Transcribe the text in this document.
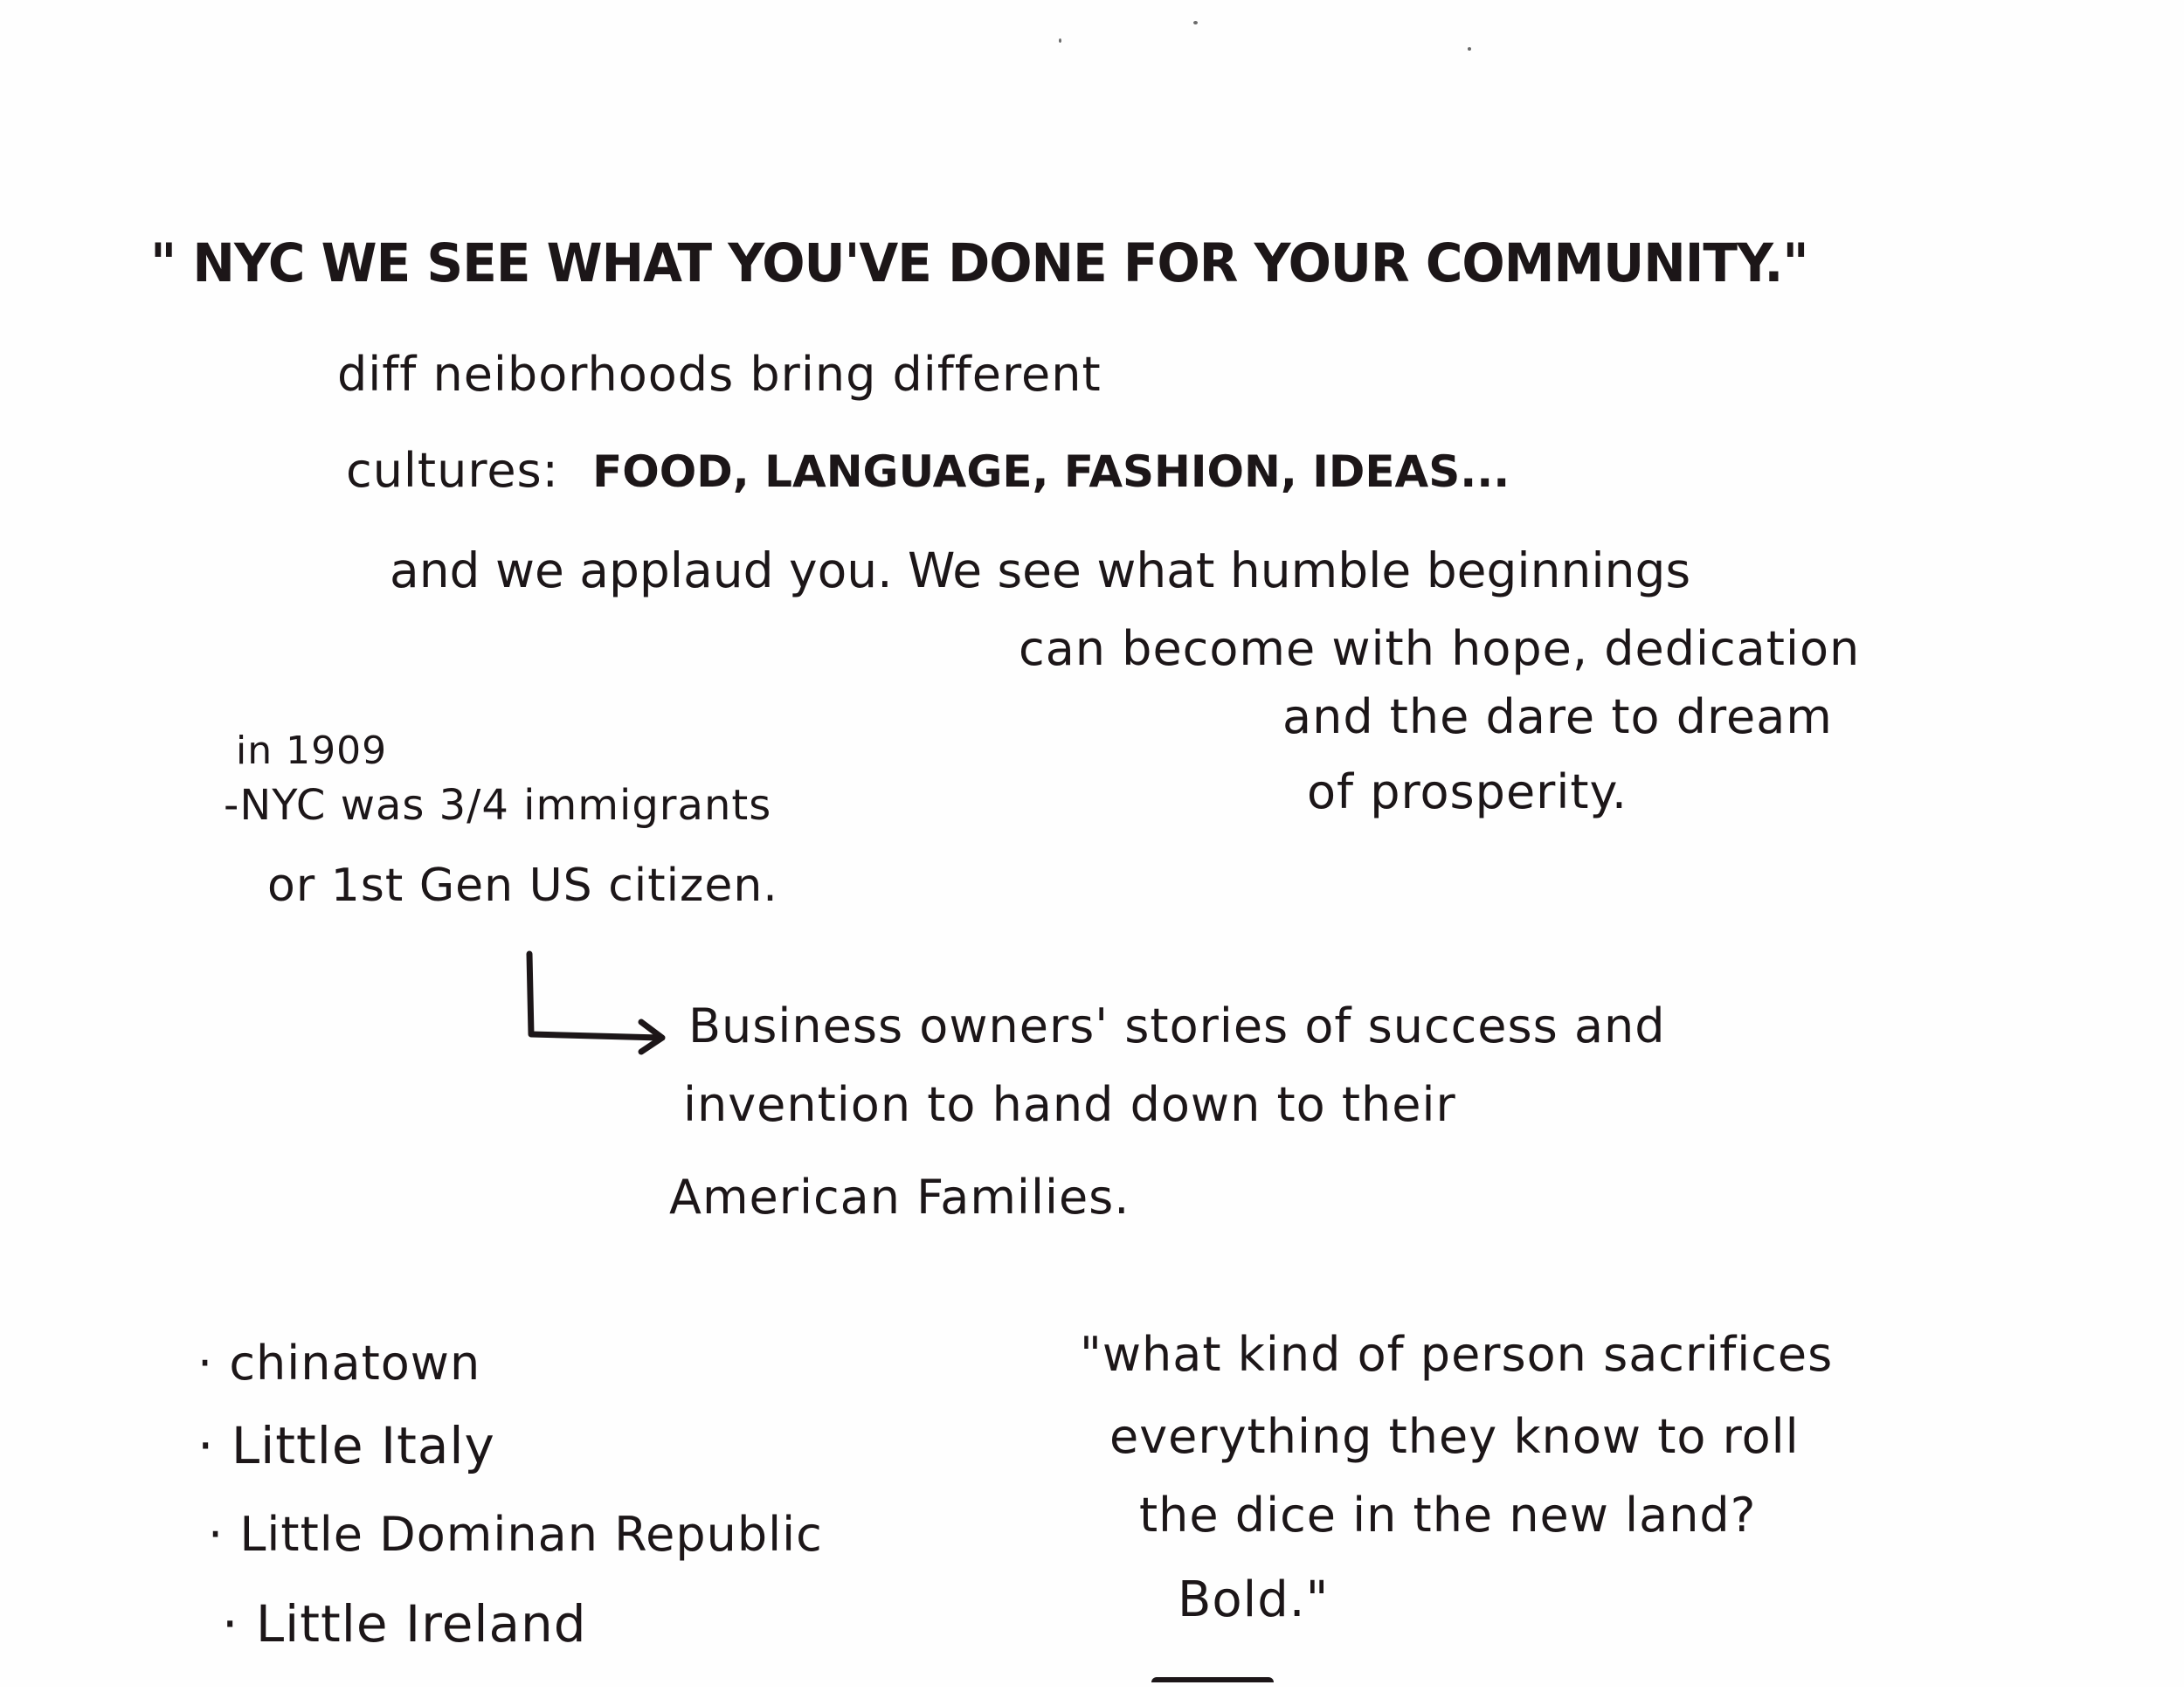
" NYC WE SEE WHAT YOU'VE DONE FOR YOUR COMMUNITY."
diff neiborhoods bring different
cultures: FOOD, LANGUAGE, FASHION, IDEAS...
and we applaud you. We see what humble beginnings
can become with hope, dedication
and the dare to dream
of prosperity.
in 1909
-NYC was 3/4 immigrants
or 1st Gen US citizen.
Business owners' stories of success and
invention to hand down to their
American Families.
· chinatown
· Little Italy
· Little Dominan Republic
· Little Ireland
"what kind of person sacrifices
everything they know to roll
the dice in the new land?
Bold."
